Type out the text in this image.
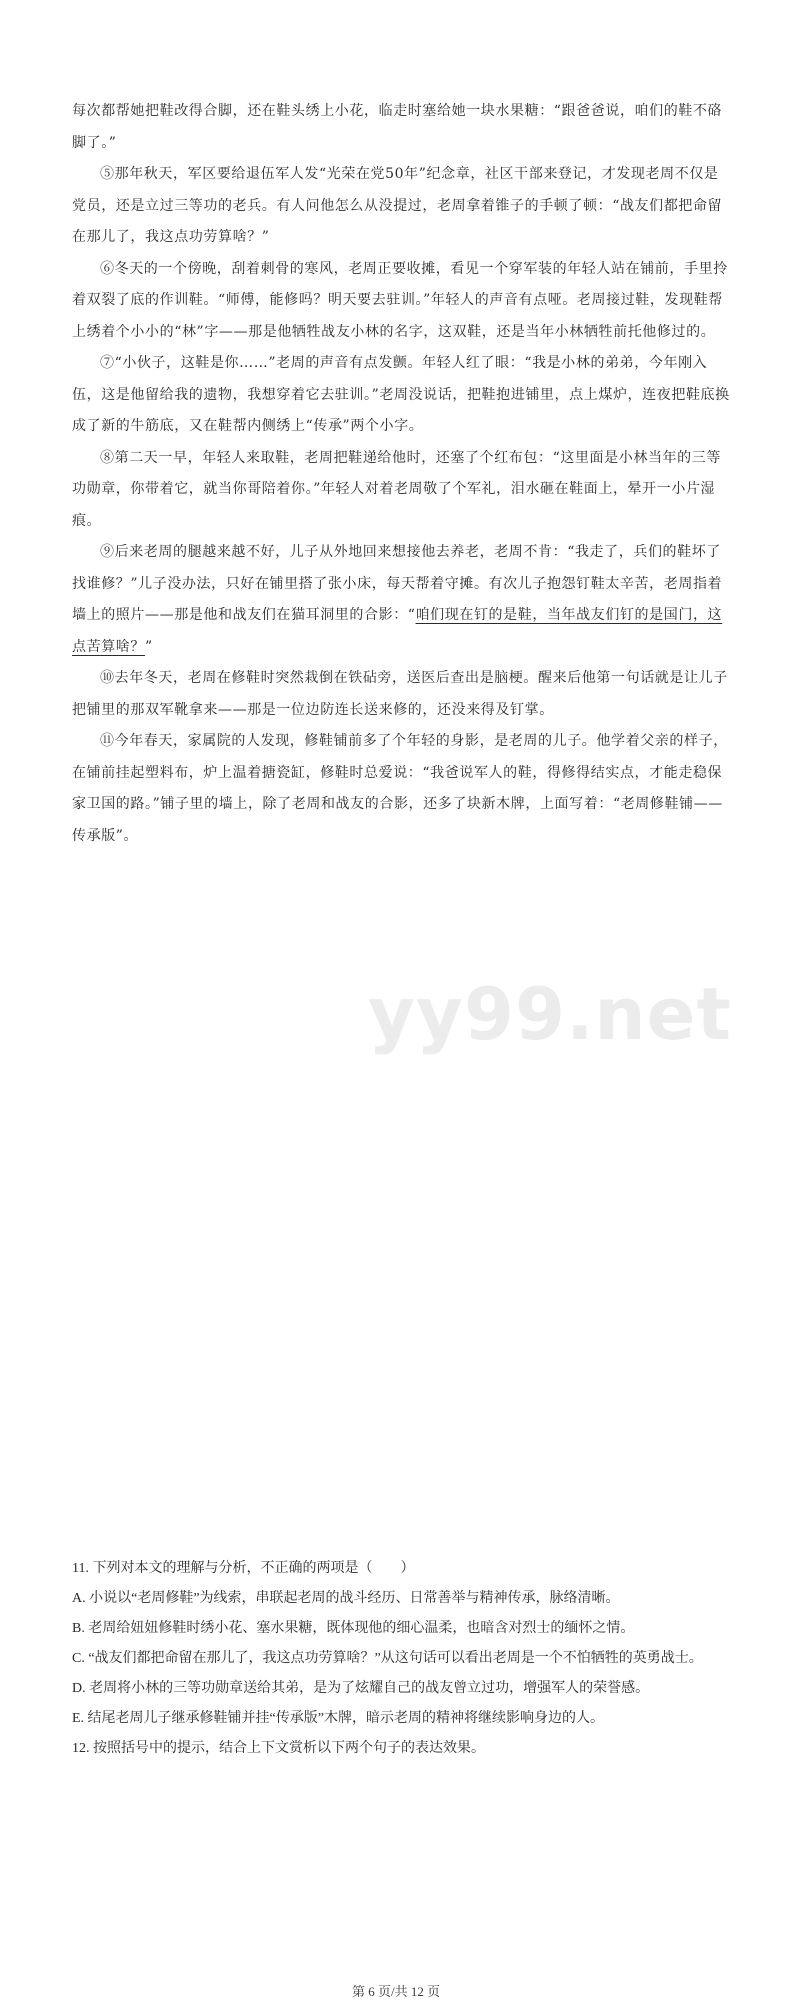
yy99.net

每次都帮她把鞋改得合脚，还在鞋头绣上小花，临走时塞给她一块水果糖：“跟爸爸说，咱们的鞋不硌脚了。”

⑤那年秋天，军区要给退伍军人发“光荣在党50年”纪念章，社区干部来登记，才发现老周不仅是党员，还是立过三等功的老兵。有人问他怎么从没提过，老周拿着锥子的手顿了顿：“战友们都把命留在那儿了，我这点功劳算啥？”

⑥冬天的一个傍晚，刮着刺骨的寒风，老周正要收摊，看见一个穿军装的年轻人站在铺前，手里拎着双裂了底的作训鞋。“师傅，能修吗？明天要去驻训。”年轻人的声音有点哑。老周接过鞋，发现鞋帮上绣着个小小的“林”字——那是他牺牲战友小林的名字，这双鞋，还是当年小林牺牲前托他修过的。

⑦“小伙子，这鞋是你……”老周的声音有点发颤。年轻人红了眼：“我是小林的弟弟，今年刚入伍，这是他留给我的遗物，我想穿着它去驻训。”老周没说话，把鞋抱进铺里，点上煤炉，连夜把鞋底换成了新的牛筋底，又在鞋帮内侧绣上“传承”两个小字。

⑧第二天一早，年轻人来取鞋，老周把鞋递给他时，还塞了个红布包：“这里面是小林当年的三等功勋章，你带着它，就当你哥陪着你。”年轻人对着老周敬了个军礼，泪水砸在鞋面上，晕开一小片湿痕。

⑨后来老周的腿越来越不好，儿子从外地回来想接他去养老，老周不肯：“我走了，兵们的鞋坏了找谁修？”儿子没办法，只好在铺里搭了张小床，每天帮着守摊。有次儿子抱怨钉鞋太辛苦，老周指着墙上的照片——那是他和战友们在猫耳洞里的合影：“咱们现在钉的是鞋，当年战友们钉的是国门，这点苦算啥？”

⑩去年冬天，老周在修鞋时突然栽倒在铁砧旁，送医后查出是脑梗。醒来后他第一句话就是让儿子把铺里的那双军靴拿来——那是一位边防连长送来修的，还没来得及钉掌。

⑪今年春天，家属院的人发现，修鞋铺前多了个年轻的身影，是老周的儿子。他学着父亲的样子，在铺前挂起塑料布，炉上温着搪瓷缸，修鞋时总爱说：“我爸说军人的鞋，得修得结实点，才能走稳保家卫国的路。”铺子里的墙上，除了老周和战友的合影，还多了块新木牌，上面写着：“老周修鞋铺——传承版”。

11. 下列对本文的理解与分析，不正确的两项是（　　）

A. 小说以“老周修鞋”为线索，串联起老周的战斗经历、日常善举与精神传承，脉络清晰。

B. 老周给妞妞修鞋时绣小花、塞水果糖，既体现他的细心温柔，也暗含对烈士的缅怀之情。

C. “战友们都把命留在那儿了，我这点功劳算啥？”从这句话可以看出老周是一个不怕牺牲的英勇战士。

D. 老周将小林的三等功勋章送给其弟，是为了炫耀自己的战友曾立过功，增强军人的荣誉感。

E. 结尾老周儿子继承修鞋铺并挂“传承版”木牌，暗示老周的精神将继续影响身边的人。

12. 按照括号中的提示，结合上下文赏析以下两个句子的表达效果。

第 6 页/共 12 页
